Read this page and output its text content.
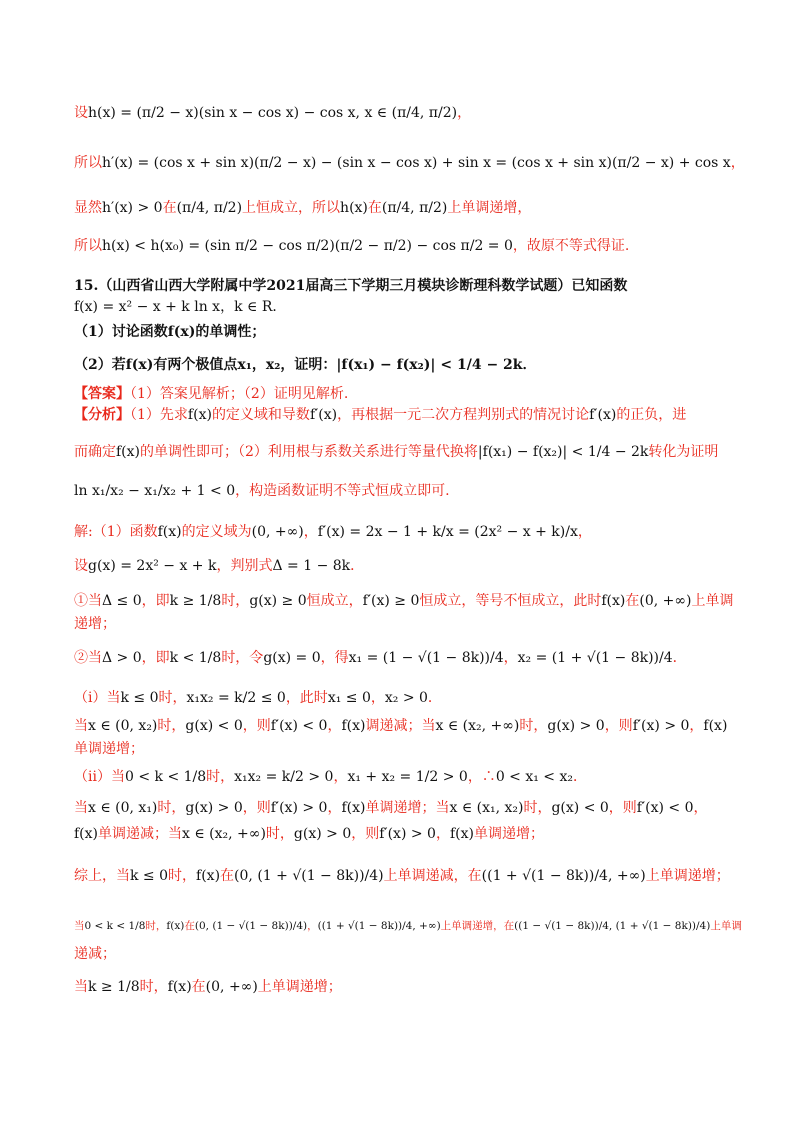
设h(x) = (π/2 − x)(sin x − cos x) − cos x, x ∈ (π/4, π/2)，
所以h′(x) = (cos x + sin x)(π/2 − x) − (sin x − cos x) + sin x = (cos x + sin x)(π/2 − x) + cos x，
显然h′(x) > 0在(π/4, π/2)上恒成立，所以h(x)在(π/4, π/2)上单调递增，
所以h(x) < h(x₀) = (sin π/2 − cos π/2)(π/2 − π/2) − cos π/2 = 0，故原不等式得证.
15.（山西省山西大学附属中学2021届高三下学期三月模块诊断理科数学试题）已知函数
f(x) = x² − x + k ln x，k ∈ R．
（1）讨论函数f(x)的单调性；
（2）若f(x)有两个极值点x₁，x₂，证明：|f(x₁) − f(x₂)| < 1/4 − 2k．
【答案】（1）答案见解析；（2）证明见解析.
【分析】（1）先求f(x)的定义域和导数f′(x)，再根据一元二次方程判别式的情况讨论f′(x)的正负，进
而确定f(x)的单调性即可；（2）利用根与系数关系进行等量代换将|f(x₁) − f(x₂)| < 1/4 − 2k转化为证明
ln x₁/x₂ − x₁/x₂ + 1 < 0，构造函数证明不等式恒成立即可.
解:（1）函数f(x)的定义域为(0, +∞)，f′(x) = 2x − 1 + k/x = (2x² − x + k)/x，
设g(x) = 2x² − x + k，判别式Δ = 1 − 8k．
①当Δ ≤ 0，即k ≥ 1/8时，g(x) ≥ 0恒成立，f′(x) ≥ 0恒成立，等号不恒成立，此时f(x)在(0, +∞)上单调
递增；
②当Δ > 0，即k < 1/8时，令g(x) = 0，得x₁ = (1 − √(1 − 8k))/4，x₂ = (1 + √(1 − 8k))/4．
（i）当k ≤ 0时，x₁x₂ = k/2 ≤ 0，此时x₁ ≤ 0，x₂ > 0．
当x ∈ (0, x₂)时，g(x) < 0，则f′(x) < 0，f(x)调递减；当x ∈ (x₂, +∞)时，g(x) > 0，则f′(x) > 0，f(x)
单调递增；
（ii）当0 < k < 1/8时，x₁x₂ = k/2 > 0，x₁ + x₂ = 1/2 > 0，∴0 < x₁ < x₂．
当x ∈ (0, x₁)时，g(x) > 0，则f′(x) > 0，f(x)单调递增；当x ∈ (x₁, x₂)时，g(x) < 0，则f′(x) < 0，
f(x)单调递减；当x ∈ (x₂, +∞)时，g(x) > 0，则f′(x) > 0，f(x)单调递增；
综上，当k ≤ 0时，f(x)在(0, (1 + √(1 − 8k))/4)上单调递减，在((1 + √(1 − 8k))/4, +∞)上单调递增；
当0 < k < 1/8时，f(x)在(0, (1 − √(1 − 8k))/4)，((1 + √(1 − 8k))/4, +∞)上单调递增，在((1 − √(1 − 8k))/4, (1 + √(1 − 8k))/4)上单调
递减；
当k ≥ 1/8时，f(x)在(0, +∞)上单调递增；
